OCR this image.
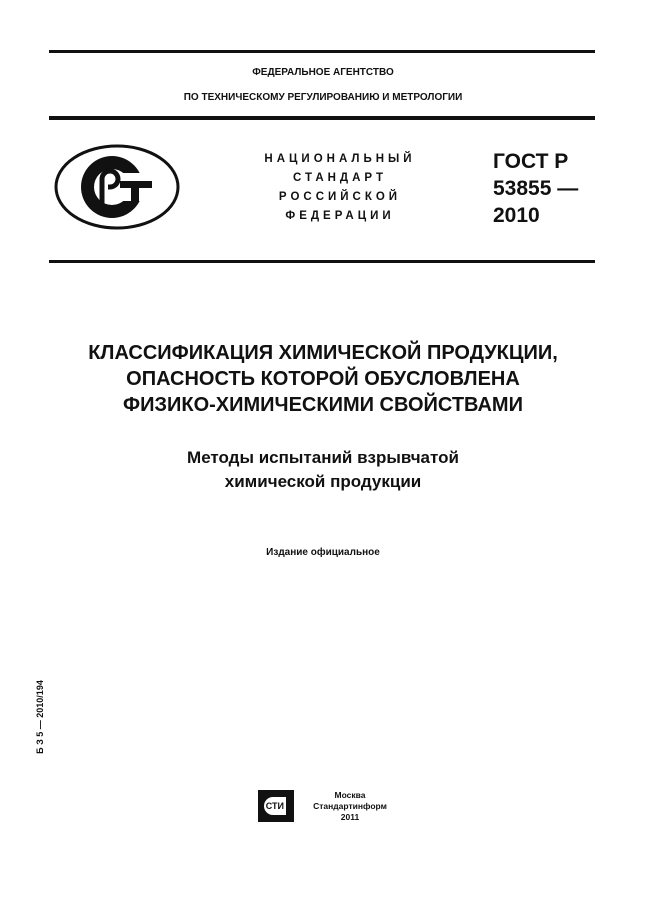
ФЕДЕРАЛЬНОЕ АГЕНТСТВО
ПО ТЕХНИЧЕСКОМУ РЕГУЛИРОВАНИЮ И МЕТРОЛОГИИ
НАЦИОНАЛЬНЫЙ
СТАНДАРТ
РОССИЙСКОЙ
ФЕДЕРАЦИИ
ГОСТ Р
53855 —
2010
КЛАССИФИКАЦИЯ ХИМИЧЕСКОЙ ПРОДУКЦИИ,
ОПАСНОСТЬ КОТОРОЙ ОБУСЛОВЛЕНА
ФИЗИКО-ХИМИЧЕСКИМИ СВОЙСТВАМИ
Методы испытаний взрывчатой
химической продукции
Издание официальное
Б З 5 — 2010/194
СТИ
Москва
Стандартинформ
2011
